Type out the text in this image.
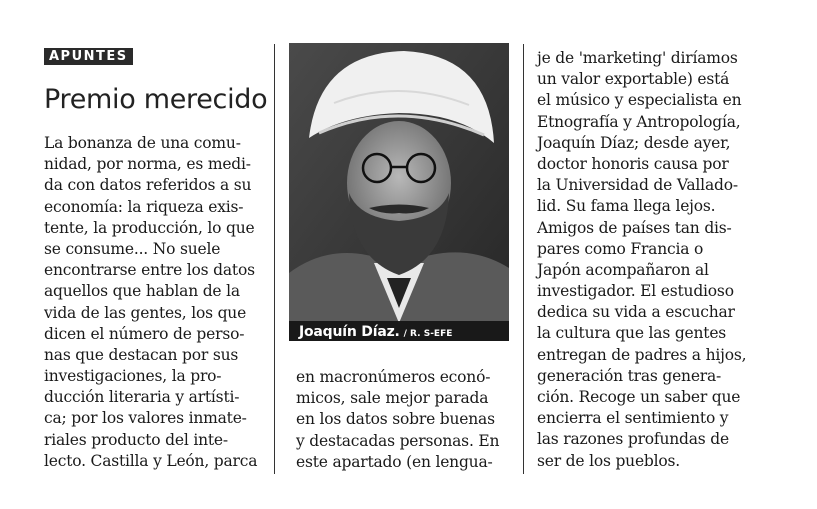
APUNTES
Premio merecido
La bonanza de una comu-
nidad, por norma, es medi-
da con datos referidos a su
economía: la riqueza exis-
tente, la producción, lo que
se consume... No suele
encontrarse entre los datos
aquellos que hablan de la
vida de las gentes, los que
dicen el número de perso-
nas que destacan por sus
investigaciones, la pro-
ducción literaria y artísti-
ca; por los valores inmate-
riales producto del inte-
lecto. Castilla y León, parca
Joaquín Díaz. / R. S-EFE
en macronúmeros econó-
micos, sale mejor parada
en los datos sobre buenas
y destacadas personas. En
este apartado (en lengua-
je de 'marketing' diríamos
un valor exportable) está
el músico y especialista en
Etnografía y Antropología,
Joaquín Díaz; desde ayer,
doctor honoris causa por
la Universidad de Vallado-
lid. Su fama llega lejos.
Amigos de países tan dis-
pares como Francia o
Japón acompañaron al
investigador. El estudioso
dedica su vida a escuchar
la cultura que las gentes
entregan de padres a hijos,
generación tras genera-
ción. Recoge un saber que
encierra el sentimiento y
las razones profundas de
ser de los pueblos.
